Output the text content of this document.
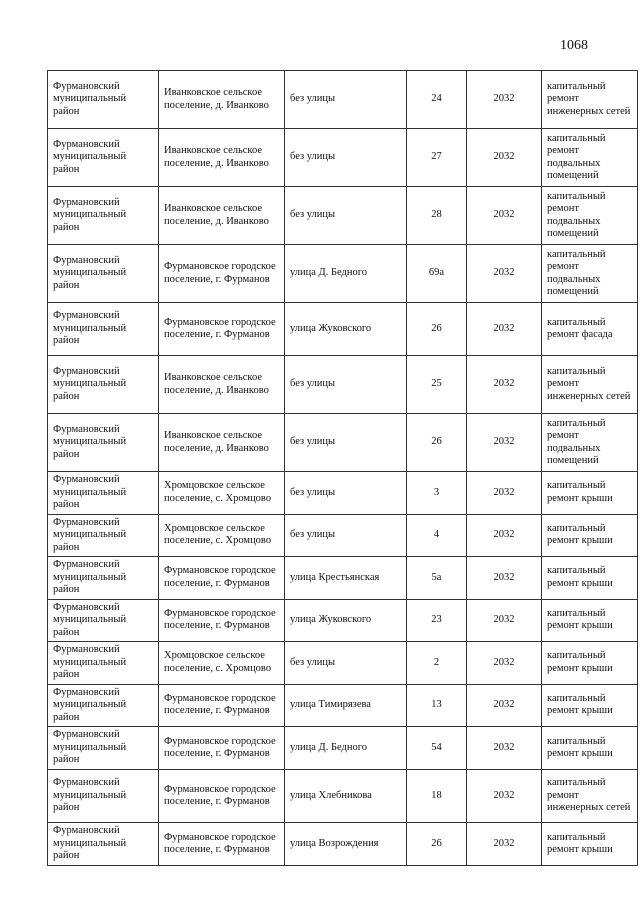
1068
Фурмановский муниципальный район	Иванковское сельское поселение, д. Иванково	без улицы	24	2032	капитальный ремонт инженерных сетей
Фурмановский муниципальный район	Иванковское сельское поселение, д. Иванково	без улицы	27	2032	капитальный ремонт подвальных помещений
Фурмановский муниципальный район	Иванковское сельское поселение, д. Иванково	без улицы	28	2032	капитальный ремонт подвальных помещений
Фурмановский муниципальный район	Фурмановское городское поселение, г. Фурманов	улица Д. Бедного	69а	2032	капитальный ремонт подвальных помещений
Фурмановский муниципальный район	Фурмановское городское поселение, г. Фурманов	улица Жуковского	26	2032	капитальный ремонт фасада
Фурмановский муниципальный район	Иванковское сельское поселение, д. Иванково	без улицы	25	2032	капитальный ремонт инженерных сетей
Фурмановский муниципальный район	Иванковское сельское поселение, д. Иванково	без улицы	26	2032	капитальный ремонт подвальных помещений
Фурмановский муниципальный район	Хромцовское сельское поселение, с. Хромцово	без улицы	3	2032	капитальный ремонт крыши
Фурмановский муниципальный район	Хромцовское сельское поселение, с. Хромцово	без улицы	4	2032	капитальный ремонт крыши
Фурмановский муниципальный район	Фурмановское городское поселение, г. Фурманов	улица Крестьянская	5а	2032	капитальный ремонт крыши
Фурмановский муниципальный район	Фурмановское городское поселение, г. Фурманов	улица Жуковского	23	2032	капитальный ремонт крыши
Фурмановский муниципальный район	Хромцовское сельское поселение, с. Хромцово	без улицы	2	2032	капитальный ремонт крыши
Фурмановский муниципальный район	Фурмановское городское поселение, г. Фурманов	улица Тимирязева	13	2032	капитальный ремонт крыши
Фурмановский муниципальный район	Фурмановское городское поселение, г. Фурманов	улица Д. Бедного	54	2032	капитальный ремонт крыши
Фурмановский муниципальный район	Фурмановское городское поселение, г. Фурманов	улица Хлебникова	18	2032	капитальный ремонт инженерных сетей
Фурмановский муниципальный район	Фурмановское городское поселение, г. Фурманов	улица Возрождения	26	2032	капитальный ремонт крыши
